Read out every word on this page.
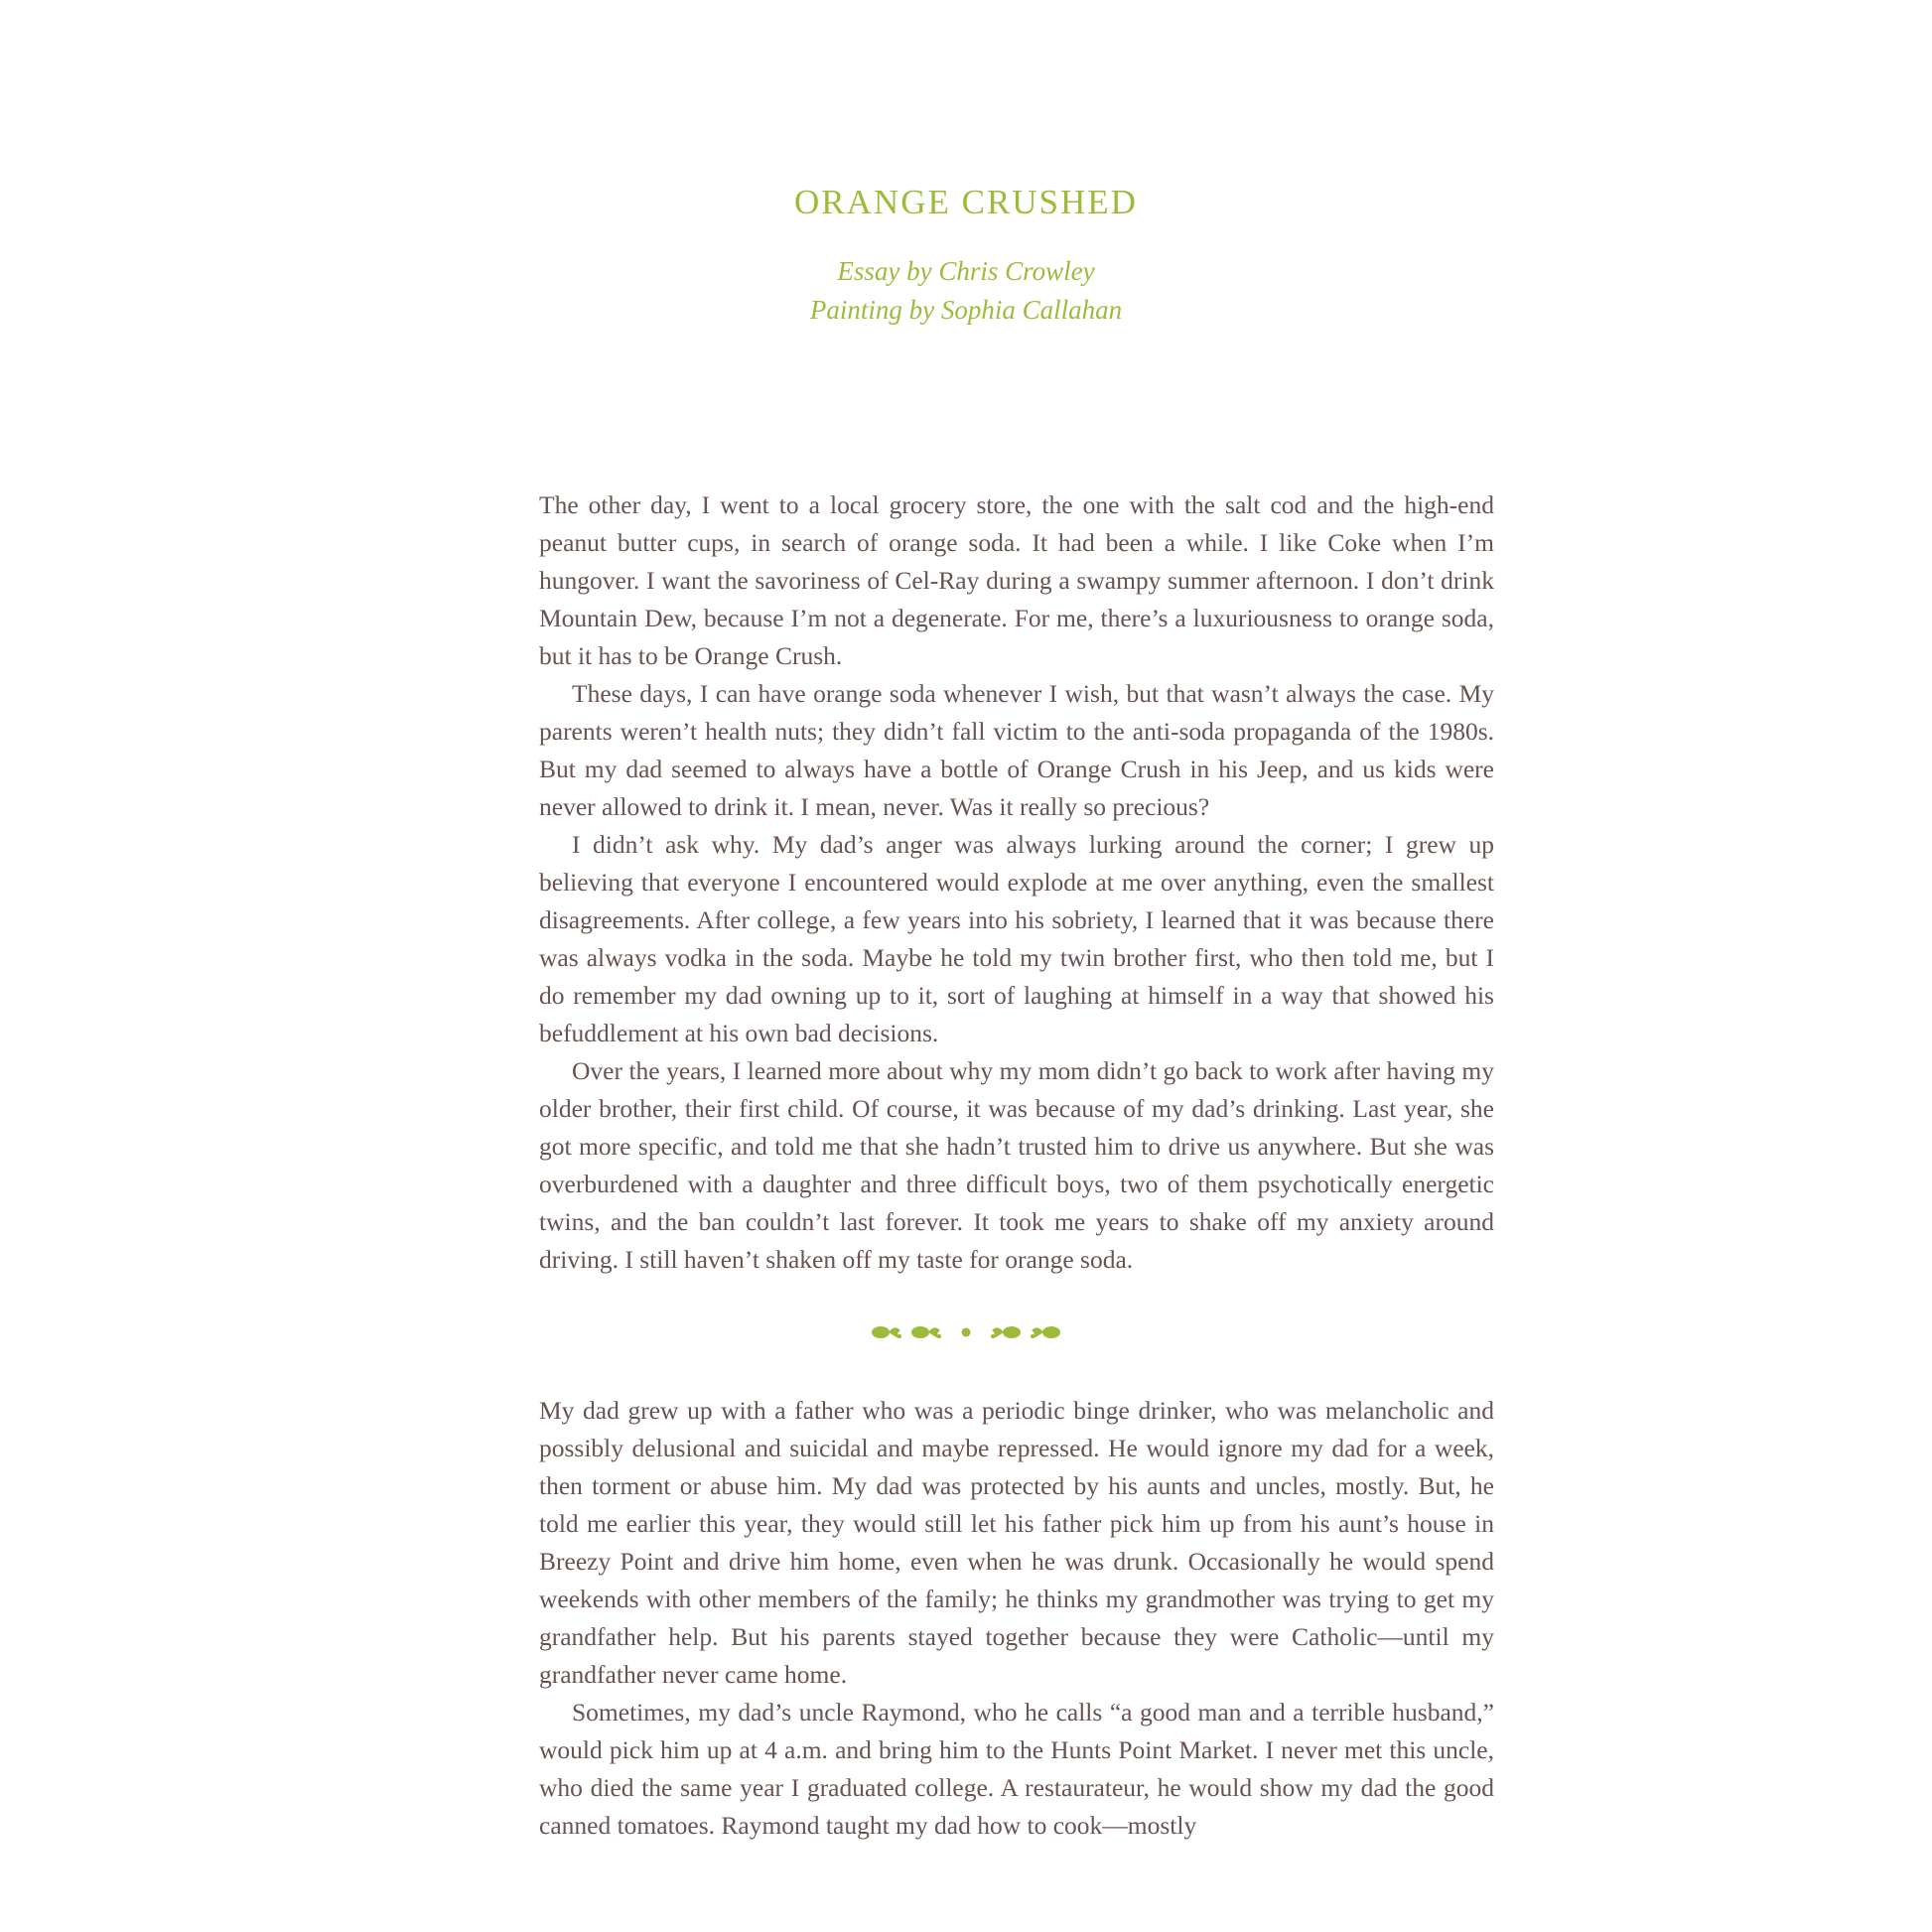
ORANGE CRUSHED
Essay by Chris Crowley
Painting by Sophia Callahan

The other day, I went to a local grocery store, the one with the salt cod and the high-end peanut butter cups, in search of orange soda. It had been a while. I like Coke when I’m hungover. I want the savoriness of Cel-Ray during a swampy summer afternoon. I don’t drink Mountain Dew, because I’m not a degenerate. For me, there’s a luxuriousness to orange soda, but it has to be Orange Crush.

These days, I can have orange soda whenever I wish, but that wasn’t always the case. My parents weren’t health nuts; they didn’t fall victim to the anti-soda propaganda of the 1980s. But my dad seemed to always have a bottle of Orange Crush in his Jeep, and us kids were never allowed to drink it. I mean, never. Was it really so precious?

I didn’t ask why. My dad’s anger was always lurking around the corner; I grew up believing that everyone I encountered would explode at me over anything, even the smallest disagreements. After college, a few years into his sobriety, I learned that it was because there was always vodka in the soda. Maybe he told my twin brother first, who then told me, but I do remember my dad owning up to it, sort of laughing at himself in a way that showed his befuddlement at his own bad decisions.

Over the years, I learned more about why my mom didn’t go back to work after having my older brother, their first child. Of course, it was because of my dad’s drinking. Last year, she got more specific, and told me that she hadn’t trusted him to drive us anywhere. But she was overburdened with a daughter and three difficult boys, two of them psychotically energetic twins, and the ban couldn’t last forever. It took me years to shake off my anxiety around driving. I still haven’t shaken off my taste for orange soda.

My dad grew up with a father who was a periodic binge drinker, who was melancholic and possibly delusional and suicidal and maybe repressed. He would ignore my dad for a week, then torment or abuse him. My dad was protected by his aunts and uncles, mostly. But, he told me earlier this year, they would still let his father pick him up from his aunt’s house in Breezy Point and drive him home, even when he was drunk. Occasionally he would spend weekends with other members of the family; he thinks my grandmother was trying to get my grandfather help. But his parents stayed together because they were Catholic—until my grandfather never came home.

Sometimes, my dad’s uncle Raymond, who he calls “a good man and a terrible husband,” would pick him up at 4 a.m. and bring him to the Hunts Point Market. I never met this uncle, who died the same year I graduated college. A restaurateur, he would show my dad the good canned tomatoes. Raymond taught my dad how to cook—mostly
